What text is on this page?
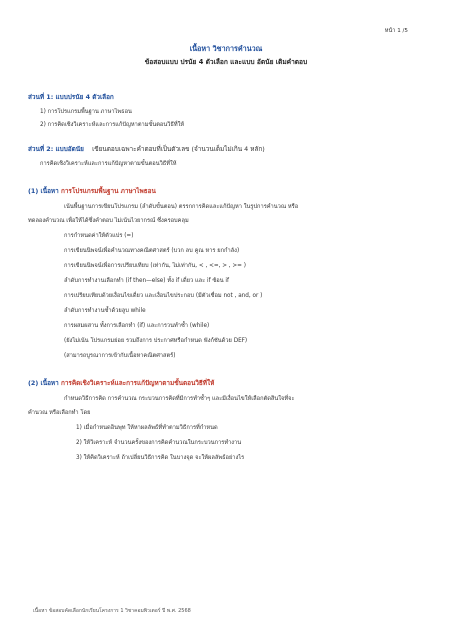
หน้า 1 /5
เนื้อหา วิชาการคำนวณ
ข้อสอบแบบ ปรนัย 4 ตัวเลือก และแบบ อัตนัย เติมคำตอบ
ส่วนที่ 1: แบบปรนัย 4 ตัวเลือก
1) การโปรแกรมพื้นฐาน ภาษาไพธอน
2) การคิดเชิงวิเคราะห์และการแก้ปัญหาตามขั้นตอนวิธีที่ให้
ส่วนที่ 2: แบบอัตนัย เขียนตอบเฉพาะคำตอบที่เป็นตัวเลข (จำนวนเต็มไม่เกิน 4 หลัก)
การคิดเชิงวิเคราะห์และการแก้ปัญหาตามขั้นตอนวิธีที่ให้
(1) เนื้อหา การโปรแกรมพื้นฐาน ภาษาไพธอน
เน้นพื้นฐานการเขียนโปรแกรม (ลำดับขั้นตอน) ตรรกการคิดและแก้ปัญหา ในรูปการคำนวณ หรือ
ทดลองคำนวณ เพื่อให้ได้ซึ่งคำตอบ ไม่เน้นไวยากรณ์ ซึ่งครอบคลุม
การกำหนดค่าให้ตัวแปร (=)
การเขียนนิพจน์เพื่อคำนวณทางคณิตศาสตร์ (บวก ลบ คูณ หาร ยกกำลัง)
การเขียนนิพจน์เพื่อการเปรียบเทียบ (เท่ากัน, ไม่เท่ากัน, < , <=, > , >= )
ลำดับการทำงานเลือกทำ (if then—else) ทั้ง if เดี่ยว และ if ซ้อน if
การเปรียบเทียบด้วยเงื่อนไขเดี่ยว และเงื่อนไขประกอบ (มีตัวเชื่อม not , and, or )
ลำดับการทำงานซ้ำด้วยลูบ while
การผสมผสาน ทั้งการเลือกทำ (if) และการวนทำซ้ำ (while)
(ยังไม่เน้น โปรแกรมย่อย รวมถึงการ ประกาศหรือกำหนด ฟังก์ชันด้วย DEF)
(สามารถบูรณาการเข้ากับเนื้อหาคณิตศาสตร์)
(2) เนื้อหา การคิดเชิงวิเคราะห์และการแก้ปัญหาตามขั้นตอนวิธีที่ให้
กำหนดวิธีการคิด การคำนวณ กระบวนการคิดที่มีการทำซ้ำๆ และมีเงื่อนไขให้เลือกตัดสินใจที่จะ
คำนวณ หรือเลือกทำ โดย
1) เมื่อกำหนดอินพุท ให้หาผลลัพธ์ที่ทำตามวิธีการที่กำหนด
2) ให้วิเคราะห์ จำนวนครั้งของการคิดคำนวณในกระบวนการทำงาน
3) ให้คิดวิเคราะห์ ถ้าเปลี่ยนวิธีการคิด ในบางจุด จะให้ผลลัพธ์อย่างไร
เนื้อหา ข้อสอบคัดเลือกนักเรียนโครงการ 1 วิชาคอมพิวเตอร์ ปี พ.ศ. 2568
